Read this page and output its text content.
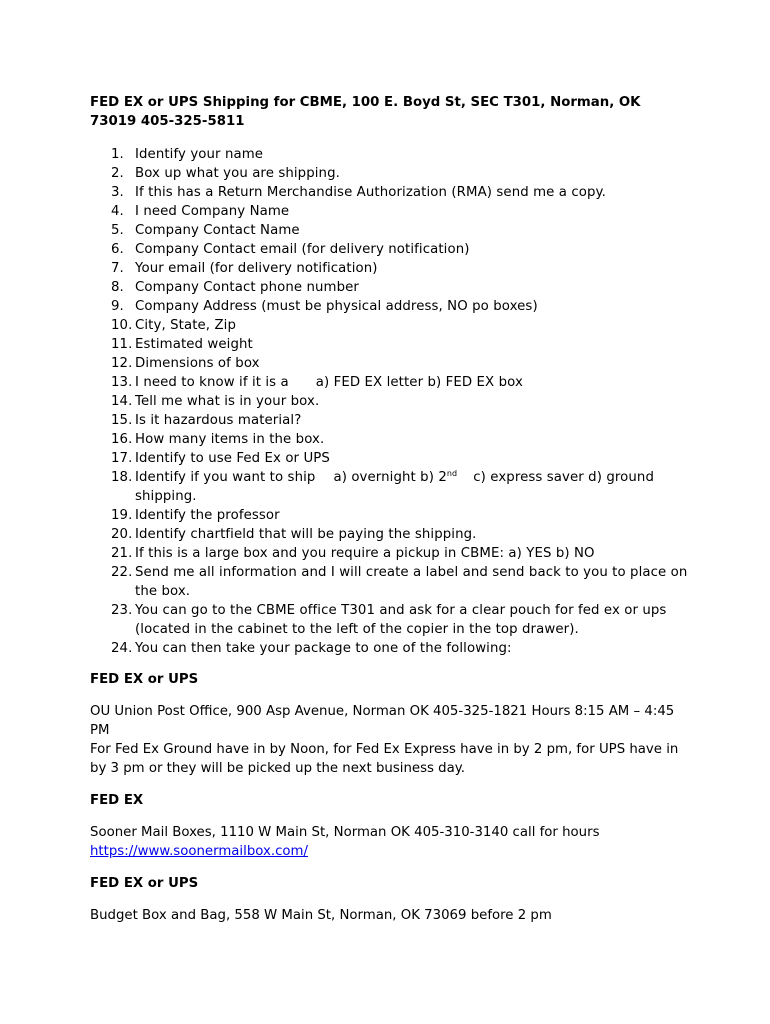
FED EX or UPS Shipping for CBME, 100 E. Boyd St, SEC T301, Norman, OK 73019 405-325-5811

1. Identify your name
2. Box up what you are shipping.
3. If this has a Return Merchandise Authorization (RMA) send me a copy.
4. I need Company Name
5. Company Contact Name
6. Company Contact email (for delivery notification)
7. Your email (for delivery notification)
8. Company Contact phone number
9. Company Address (must be physical address, NO po boxes)
10. City, State, Zip
11. Estimated weight
12. Dimensions of box
13. I need to know if it is a a) FED EX letter b) FED EX box
14. Tell me what is in your box.
15. Is it hazardous material?
16. How many items in the box.
17. Identify to use Fed Ex or UPS
18. Identify if you want to ship a) overnight b) 2nd c) express saver d) ground shipping.
19. Identify the professor
20. Identify chartfield that will be paying the shipping.
21. If this is a large box and you require a pickup in CBME: a) YES b) NO
22. Send me all information and I will create a label and send back to you to place on the box.
23. You can go to the CBME office T301 and ask for a clear pouch for fed ex or ups (located in the cabinet to the left of the copier in the top drawer).
24. You can then take your package to one of the following:

FED EX or UPS

OU Union Post Office, 900 Asp Avenue, Norman OK 405-325-1821 Hours 8:15 AM – 4:45 PM

For Fed Ex Ground have in by Noon, for Fed Ex Express have in by 2 pm, for UPS have in by 3 pm or they will be picked up the next business day.

FED EX

Sooner Mail Boxes, 1110 W Main St, Norman OK 405-310-3140 call for hours

https://www.soonermailbox.com/

FED EX or UPS

Budget Box and Bag, 558 W Main St, Norman, OK 73069 before 2 pm
